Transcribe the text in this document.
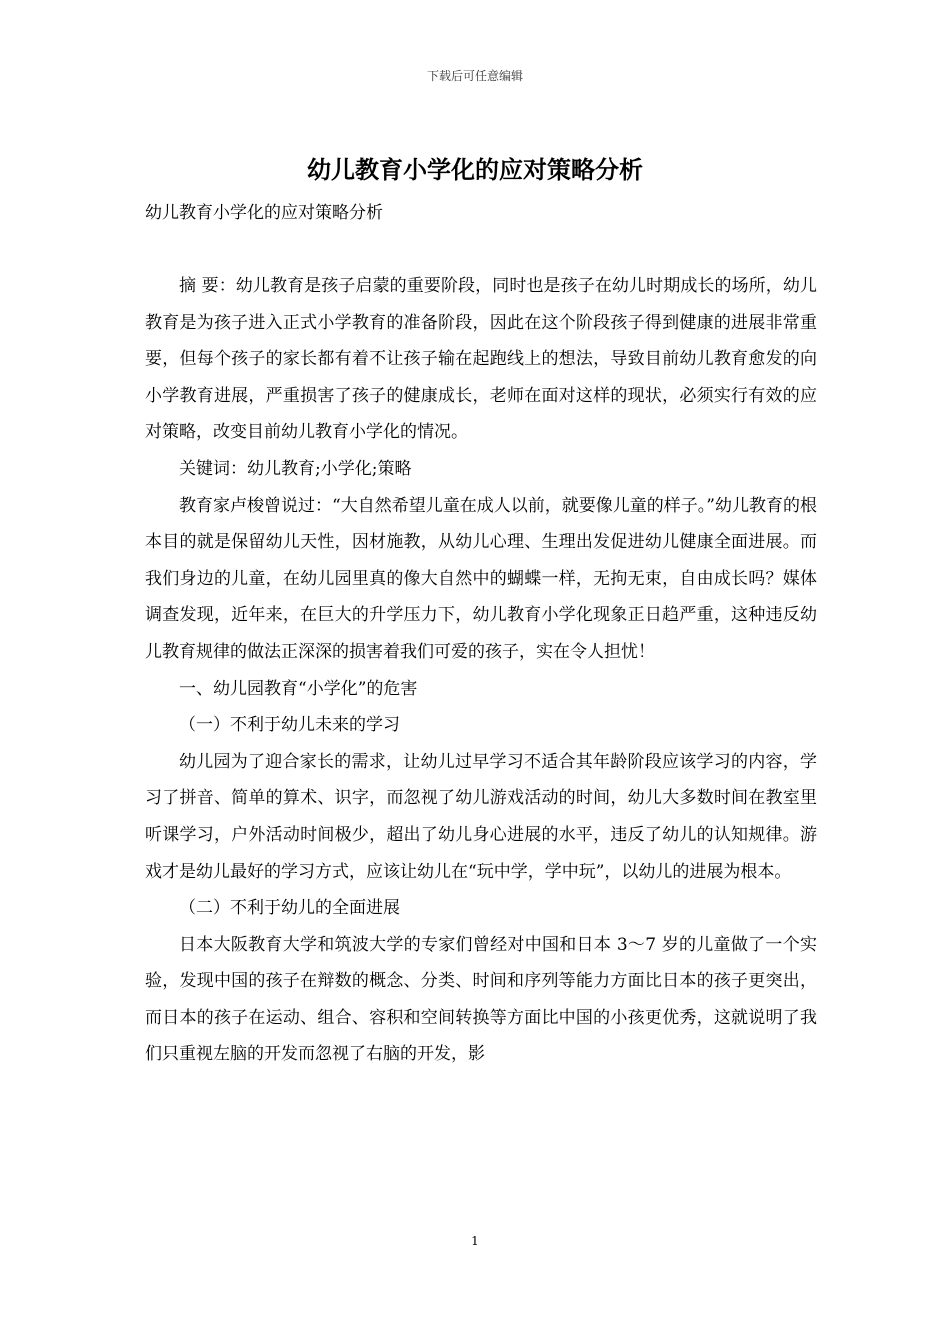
下载后可任意编辑
幼儿教育小学化的应对策略分析
幼儿教育小学化的应对策略分析

摘 要：幼儿教育是孩子启蒙的重要阶段，同时也是孩子在幼儿时期成长的场所，幼儿教育是为孩子进入正式小学教育的准备阶段，因此在这个阶段孩子得到健康的进展非常重要，但每个孩子的家长都有着不让孩子输在起跑线上的想法，导致目前幼儿教育愈发的向小学教育进展，严重损害了孩子的健康成长，老师在面对这样的现状，必须实行有效的应对策略，改变目前幼儿教育小学化的情况。

关键词：幼儿教育;小学化;策略

教育家卢梭曾说过：“大自然希望儿童在成人以前，就要像儿童的样子。”幼儿教育的根本目的就是保留幼儿天性，因材施教，从幼儿心理、生理出发促进幼儿健康全面进展。而我们身边的儿童，在幼儿园里真的像大自然中的蝴蝶一样，无拘无束，自由成长吗？媒体调查发现，近年来，在巨大的升学压力下，幼儿教育小学化现象正日趋严重，这种违反幼儿教育规律的做法正深深的损害着我们可爱的孩子，实在令人担忧！

一、幼儿园教育“小学化”的危害

（一）不利于幼儿未来的学习

幼儿园为了迎合家长的需求，让幼儿过早学习不适合其年龄阶段应该学习的内容，学习了拼音、简单的算术、识字，而忽视了幼儿游戏活动的时间，幼儿大多数时间在教室里听课学习，户外活动时间极少，超出了幼儿身心进展的水平，违反了幼儿的认知规律。游戏才是幼儿最好的学习方式，应该让幼儿在“玩中学，学中玩”，以幼儿的进展为根本。

（二）不利于幼儿的全面进展

日本大阪教育大学和筑波大学的专家们曾经对中国和日本 3～7 岁的儿童做了一个实验，发现中国的孩子在辩数的概念、分类、时间和序列等能力方面比日本的孩子更突出，而日本的孩子在运动、组合、容积和空间转换等方面比中国的小孩更优秀，这就说明了我们只重视左脑的开发而忽视了右脑的开发，影

1
